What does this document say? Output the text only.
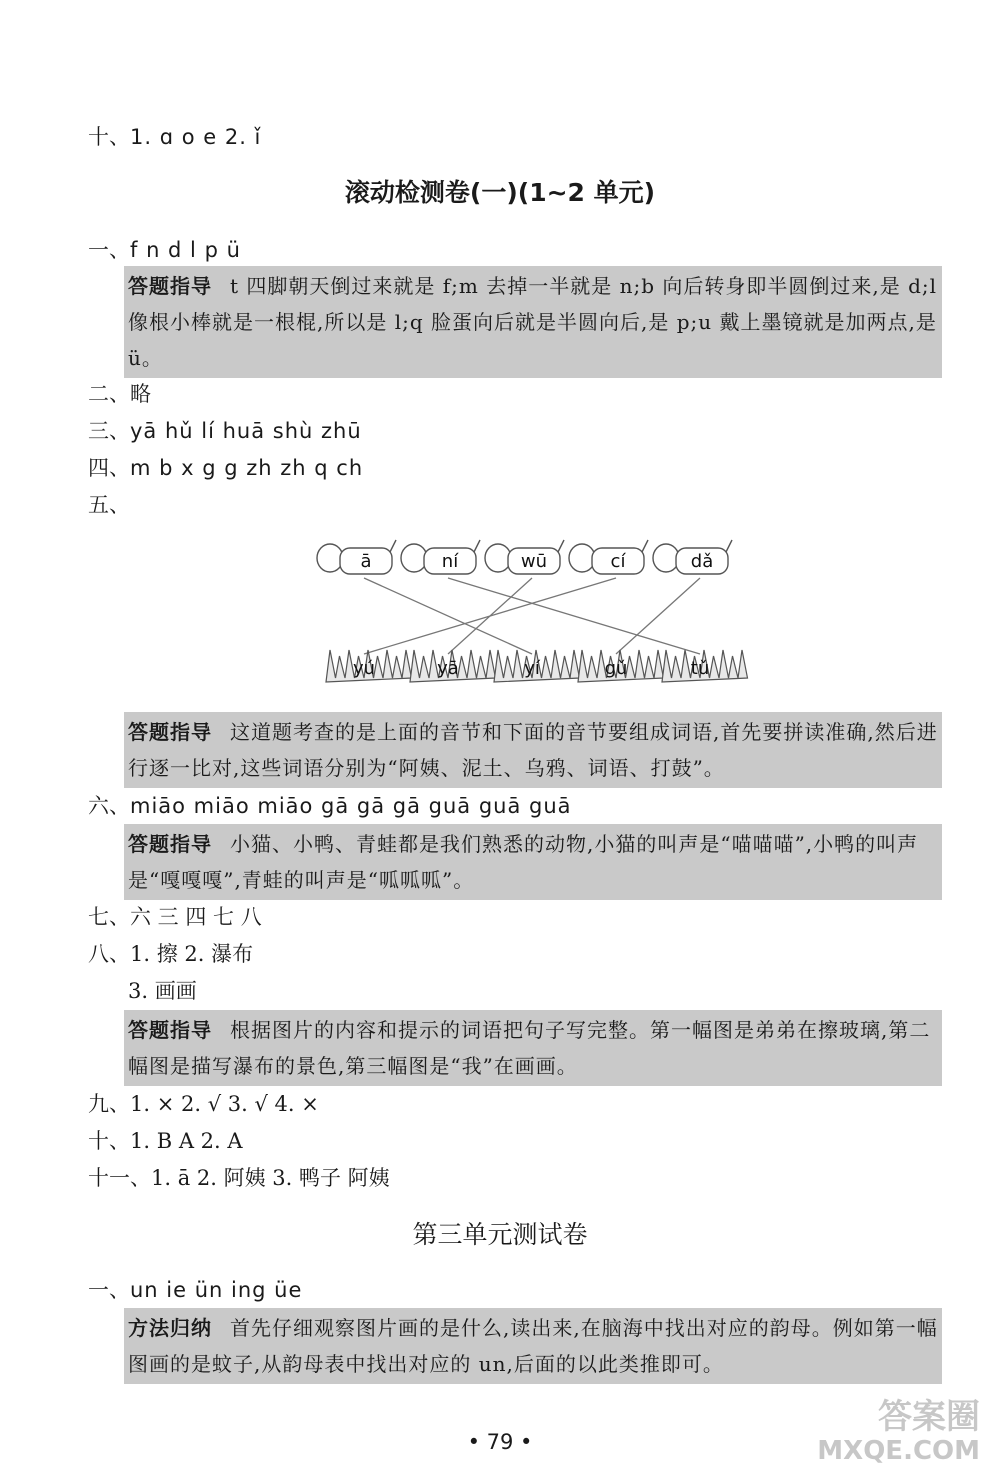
十、1. ɑ o e 2. ǐ
滚动检测卷(一)(1~2 单元)
一、f n d l p ü
答题指导 t 四脚朝天倒过来就是 f;m 去掉一半就是 n;b 向后转身即半圆倒过来,是 d;l 像根小棒就是一根棍,所以是 l;q 脸蛋向后就是半圆向后,是 p;u 戴上墨镜就是加两点,是 ü。
二、略
三、yā hǔ lí huā shù zhū
四、m b x g g zh zh q ch
五、
ā	ní	wū	cí	dǎ
yú	yā	yí	gǔ	tǔ
答题指导 这道题考查的是上面的音节和下面的音节要组成词语,首先要拼读准确,然后进行逐一比对,这些词语分别为“阿姨、泥土、乌鸦、词语、打鼓”。
六、miāo miāo miāo gā gā gā guā guā guā
答题指导 小猫、小鸭、青蛙都是我们熟悉的动物,小猫的叫声是“喵喵喵”,小鸭的叫声是“嘎嘎嘎”,青蛙的叫声是“呱呱呱”。
七、六 三 四 七 八
八、1. 擦 2. 瀑布
3. 画画
答题指导 根据图片的内容和提示的词语把句子写完整。第一幅图是弟弟在擦玻璃,第二幅图是描写瀑布的景色,第三幅图是“我”在画画。
九、1. × 2. √ 3. √ 4. ×
十、1. B A 2. A
十一、1. ā 2. 阿姨 3. 鸭子 阿姨
第三单元测试卷
一、un ie ün ing üe
方法归纳 首先仔细观察图片画的是什么,读出来,在脑海中找出对应的韵母。例如第一幅图画的是蚊子,从韵母表中找出对应的 un,后面的以此类推即可。
• 79 •
答案圈
MXQE.COM
